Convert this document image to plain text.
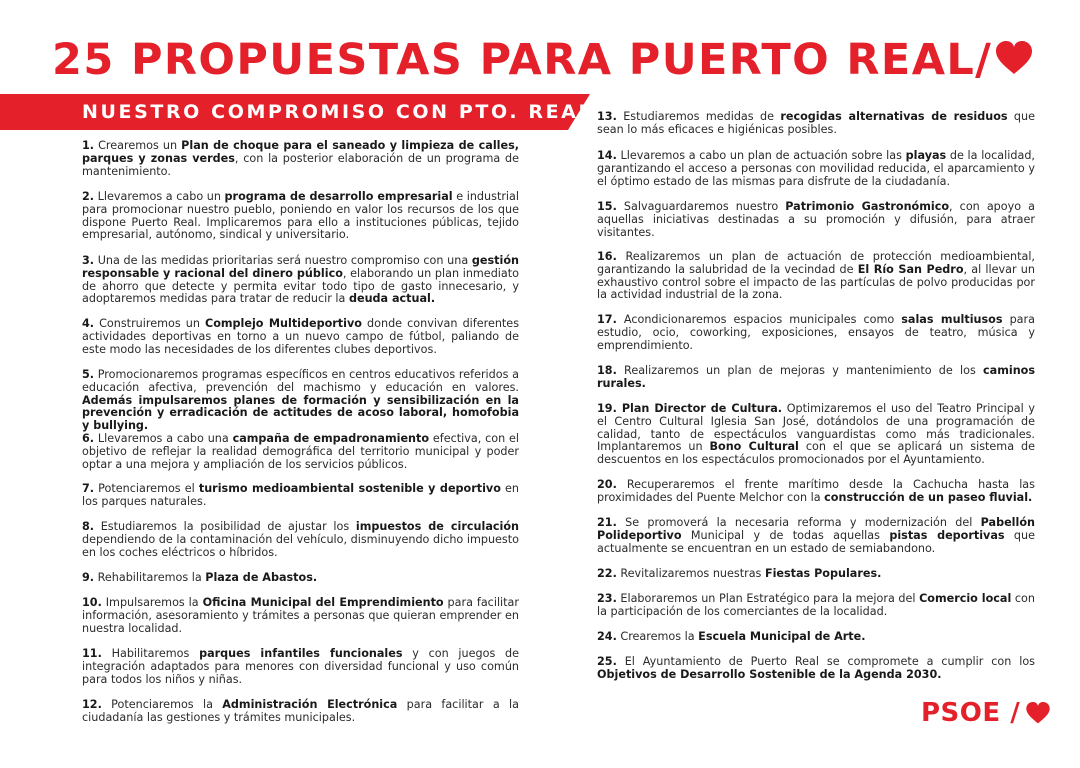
25 PROPUESTAS PARA PUERTO REAL/
NUESTRO COMPROMISO CON PTO. REAL

1. Crearemos un Plan de choque para el saneado y limpieza de calles, parques y zonas verdes, con la posterior elaboración de un programa de mantenimiento.

2. Llevaremos a cabo un programa de desarrollo empresarial e industrial para promocionar nuestro pueblo, poniendo en valor los recursos de los que dispone Puerto Real. Implicaremos para ello a instituciones públicas, tejido empresarial, autónomo, sindical y universitario.

3. Una de las medidas prioritarias será nuestro compromiso con una gestión responsable y racional del dinero público, elaborando un plan inmediato de ahorro que detecte y permita evitar todo tipo de gasto innecesario, y adoptaremos medidas para tratar de reducir la deuda actual.

4. Construiremos un Complejo Multideportivo donde convivan diferentes actividades deportivas en torno a un nuevo campo de fútbol, paliando de este modo las necesidades de los diferentes clubes deportivos.

5. Promocionaremos programas específicos en centros educativos referidos a educación afectiva, prevención del machismo y educación en valores. Además impulsaremos planes de formación y sensibilización en la prevención y erradicación de actitudes de acoso laboral, homofobia y bullying.

6. Llevaremos a cabo una campaña de empadronamiento efectiva, con el objetivo de reflejar la realidad demográfica del territorio municipal y poder optar a una mejora y ampliación de los servicios públicos.

7. Potenciaremos el turismo medioambiental sostenible y deportivo en los parques naturales.

8. Estudiaremos la posibilidad de ajustar los impuestos de circulación dependiendo de la contaminación del vehículo, disminuyendo dicho impuesto en los coches eléctricos o híbridos.

9. Rehabilitaremos la Plaza de Abastos.

10. Impulsaremos la Oficina Municipal del Emprendimiento para facilitar información, asesoramiento y trámites a personas que quieran emprender en nuestra localidad.

11. Habilitaremos parques infantiles funcionales y con juegos de integración adaptados para menores con diversidad funcional y uso común para todos los niños y niñas.

12. Potenciaremos la Administración Electrónica para facilitar a la ciudadanía las gestiones y trámites municipales.

13. Estudiaremos medidas de recogidas alternativas de residuos que sean lo más eficaces e higiénicas posibles.

14. Llevaremos a cabo un plan de actuación sobre las playas de la localidad, garantizando el acceso a personas con movilidad reducida, el aparcamiento y el óptimo estado de las mismas para disfrute de la ciudadanía.

15. Salvaguardaremos nuestro Patrimonio Gastronómico, con apoyo a aquellas iniciativas destinadas a su promoción y difusión, para atraer visitantes.

16. Realizaremos un plan de actuación de protección medioambiental, garantizando la salubridad de la vecindad de El Río San Pedro, al llevar un exhaustivo control sobre el impacto de las partículas de polvo producidas por la actividad industrial de la zona.

17. Acondicionaremos espacios municipales como salas multiusos para estudio, ocio, coworking, exposiciones, ensayos de teatro, música y emprendimiento.

18. Realizaremos un plan de mejoras y mantenimiento de los caminos rurales.

19. Plan Director de Cultura. Optimizaremos el uso del Teatro Principal y el Centro Cultural Iglesia San José, dotándolos de una programación de calidad, tanto de espectáculos vanguardistas como más tradicionales. Implantaremos un Bono Cultural con el que se aplicará un sistema de descuentos en los espectáculos promocionados por el Ayuntamiento.

20. Recuperaremos el frente marítimo desde la Cachucha hasta las proximidades del Puente Melchor con la construcción de un paseo fluvial.

21. Se promoverá la necesaria reforma y modernización del Pabellón Polideportivo Municipal y de todas aquellas pistas deportivas que actualmente se encuentran en un estado de semiabandono.

22. Revitalizaremos nuestras Fiestas Populares.

23. Elaboraremos un Plan Estratégico para la mejora del Comercio local con la participación de los comerciantes de la localidad.

24. Crearemos la Escuela Municipal de Arte.

25. El Ayuntamiento de Puerto Real se compromete a cumplir con los Objetivos de Desarrollo Sostenible de la Agenda 2030.

PSOE /
